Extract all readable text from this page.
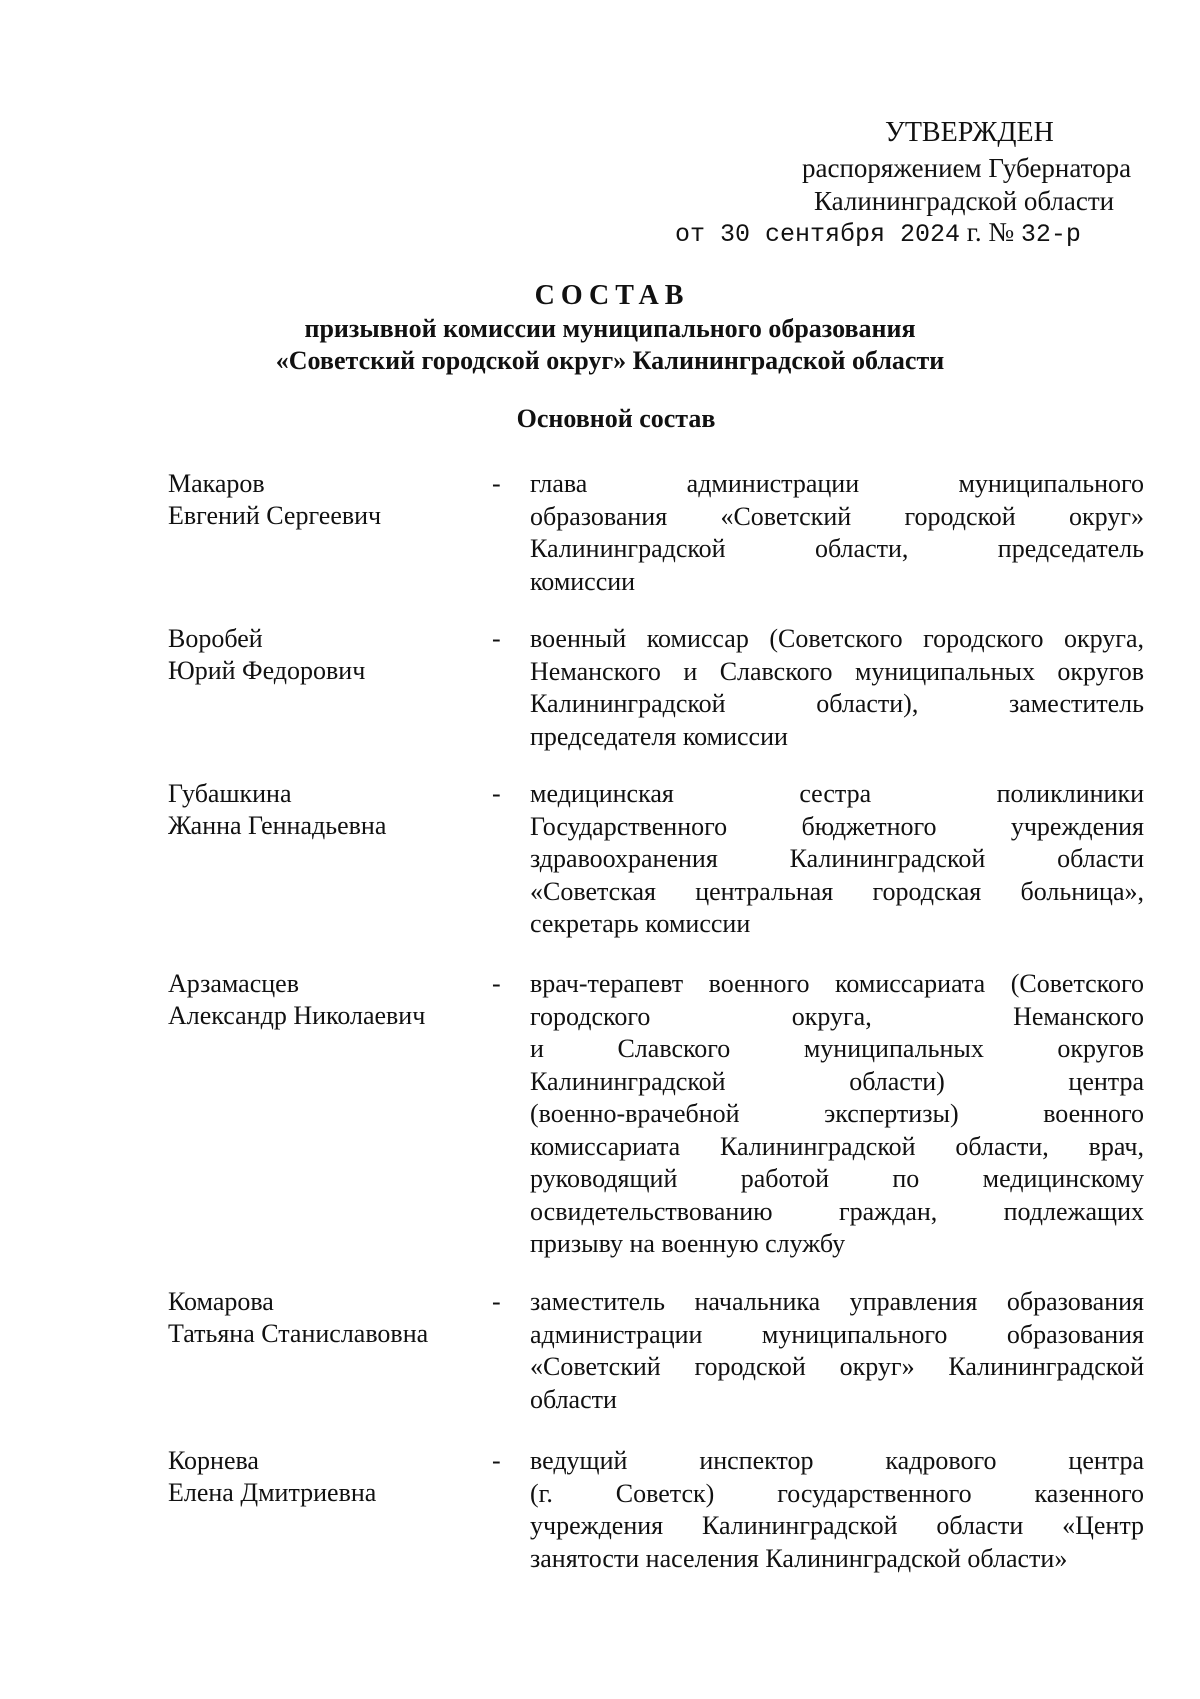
УТВЕРЖДЕН
распоряжением Губернатора
Калининградской области
от 30 сентября 2024 г. № 32-р
СОСТАВ
призывной комиссии муниципального образования
«Советский городской округ» Калининградской области
Основной состав
Макаров
Евгений Сергеевич
- глава администрации муниципального
образования «Советский городской округ»
Калининградской области, председатель
комиссии
Воробей
Юрий Федорович
- военный комиссар (Советского городского округа,
Неманского и Славского муниципальных округов
Калининградской области), заместитель
председателя комиссии
Губашкина
Жанна Геннадьевна
- медицинская сестра поликлиники
Государственного бюджетного учреждения
здравоохранения Калининградской области
«Советская центральная городская больница»,
секретарь комиссии
Арзамасцев
Александр Николаевич
- врач-терапевт военного комиссариата (Советского
городского округа, Неманского
и Славского муниципальных округов
Калининградской области) центра
(военно-врачебной экспертизы) военного
комиссариата Калининградской области, врач,
руководящий работой по медицинскому
освидетельствованию граждан, подлежащих
призыву на военную службу
Комарова
Татьяна Станиславовна
- заместитель начальника управления образования
администрации муниципального образования
«Советский городской округ» Калининградской
области
Корнева
Елена Дмитриевна
- ведущий инспектор кадрового центра
(г. Советск) государственного казенного
учреждения Калининградской области «Центр
занятости населения Калининградской области»
